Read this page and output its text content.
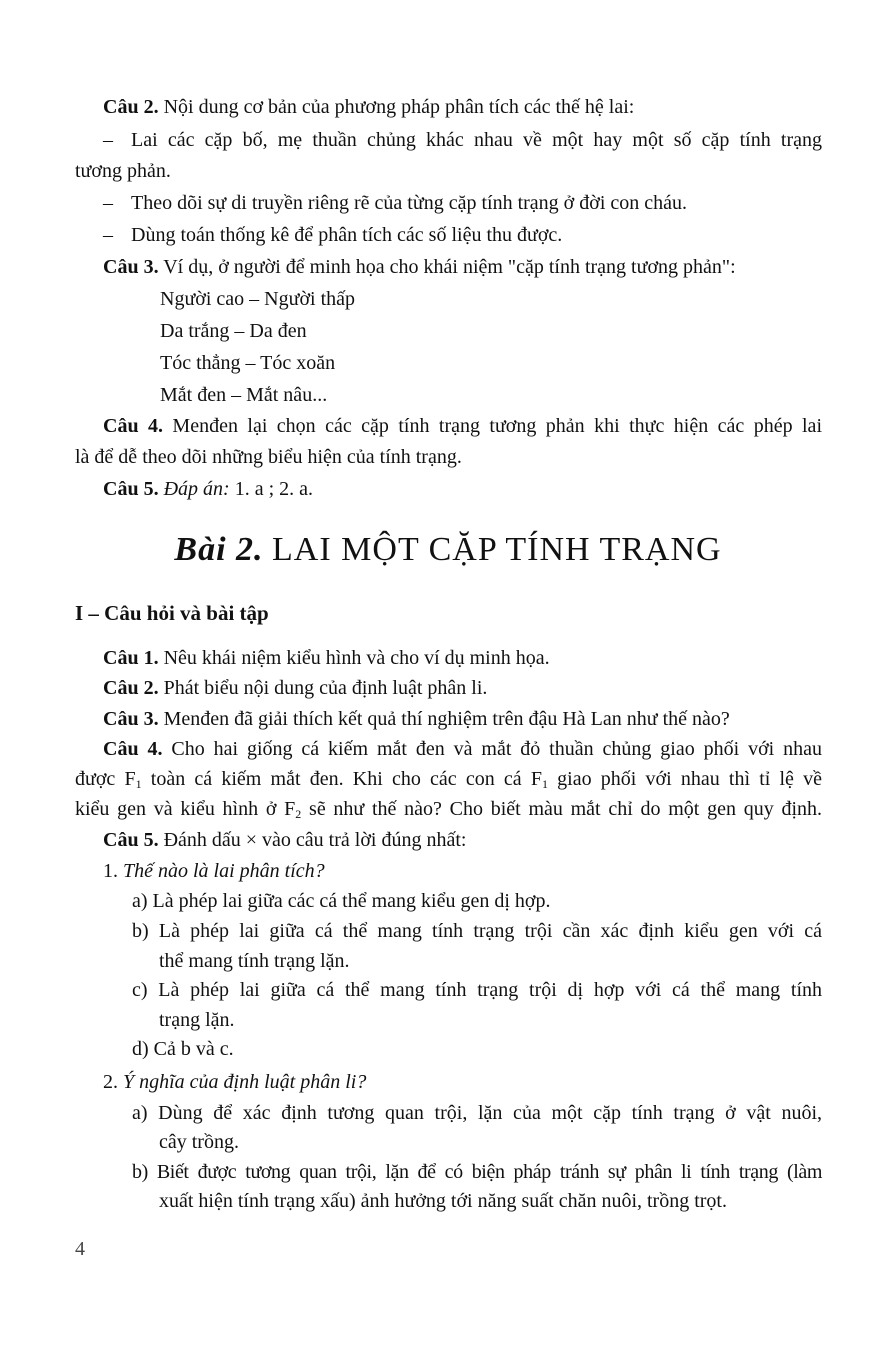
Câu 2. Nội dung cơ bản của phương pháp phân tích các thế hệ lai:
– Lai các cặp bố, mẹ thuần chủng khác nhau về một hay một số cặp tính trạng
tương phản.
– Theo dõi sự di truyền riêng rẽ của từng cặp tính trạng ở đời con cháu.
– Dùng toán thống kê để phân tích các số liệu thu được.
Câu 3. Ví dụ, ở người để minh họa cho khái niệm "cặp tính trạng tương phản":
Người cao – Người thấp
Da trắng – Da đen
Tóc thẳng – Tóc xoăn
Mắt đen – Mắt nâu...
Câu 4. Menđen lại chọn các cặp tính trạng tương phản khi thực hiện các phép lai
là để dễ theo dõi những biểu hiện của tính trạng.
Câu 5. Đáp án: 1. a ; 2. a.
Bài 2. LAI MỘT CẶP TÍNH TRẠNG
I – Câu hỏi và bài tập
Câu 1. Nêu khái niệm kiểu hình và cho ví dụ minh họa.
Câu 2. Phát biểu nội dung của định luật phân li.
Câu 3. Menđen đã giải thích kết quả thí nghiệm trên đậu Hà Lan như thế nào?
Câu 4. Cho hai giống cá kiếm mắt đen và mắt đỏ thuần chủng giao phối với nhau
được $F_1$ toàn cá kiếm mắt đen. Khi cho các con cá $F_1$ giao phối với nhau thì tỉ lệ về
kiểu gen và kiểu hình ở $F_2$ sẽ như thế nào? Cho biết màu mắt chỉ do một gen quy định.
Câu 5. Đánh dấu × vào câu trả lời đúng nhất:
1. Thế nào là lai phân tích?
a) Là phép lai giữa các cá thể mang kiểu gen dị hợp.
b) Là phép lai giữa cá thể mang tính trạng trội cần xác định kiểu gen với cá
thể mang tính trạng lặn.
c) Là phép lai giữa cá thể mang tính trạng trội dị hợp với cá thể mang tính
trạng lặn.
d) Cả b và c.
2. Ý nghĩa của định luật phân li?
a) Dùng để xác định tương quan trội, lặn của một cặp tính trạng ở vật nuôi,
cây trồng.
b) Biết được tương quan trội, lặn để có biện pháp tránh sự phân li tính trạng (làm
xuất hiện tính trạng xấu) ảnh hưởng tới năng suất chăn nuôi, trồng trọt.
4
